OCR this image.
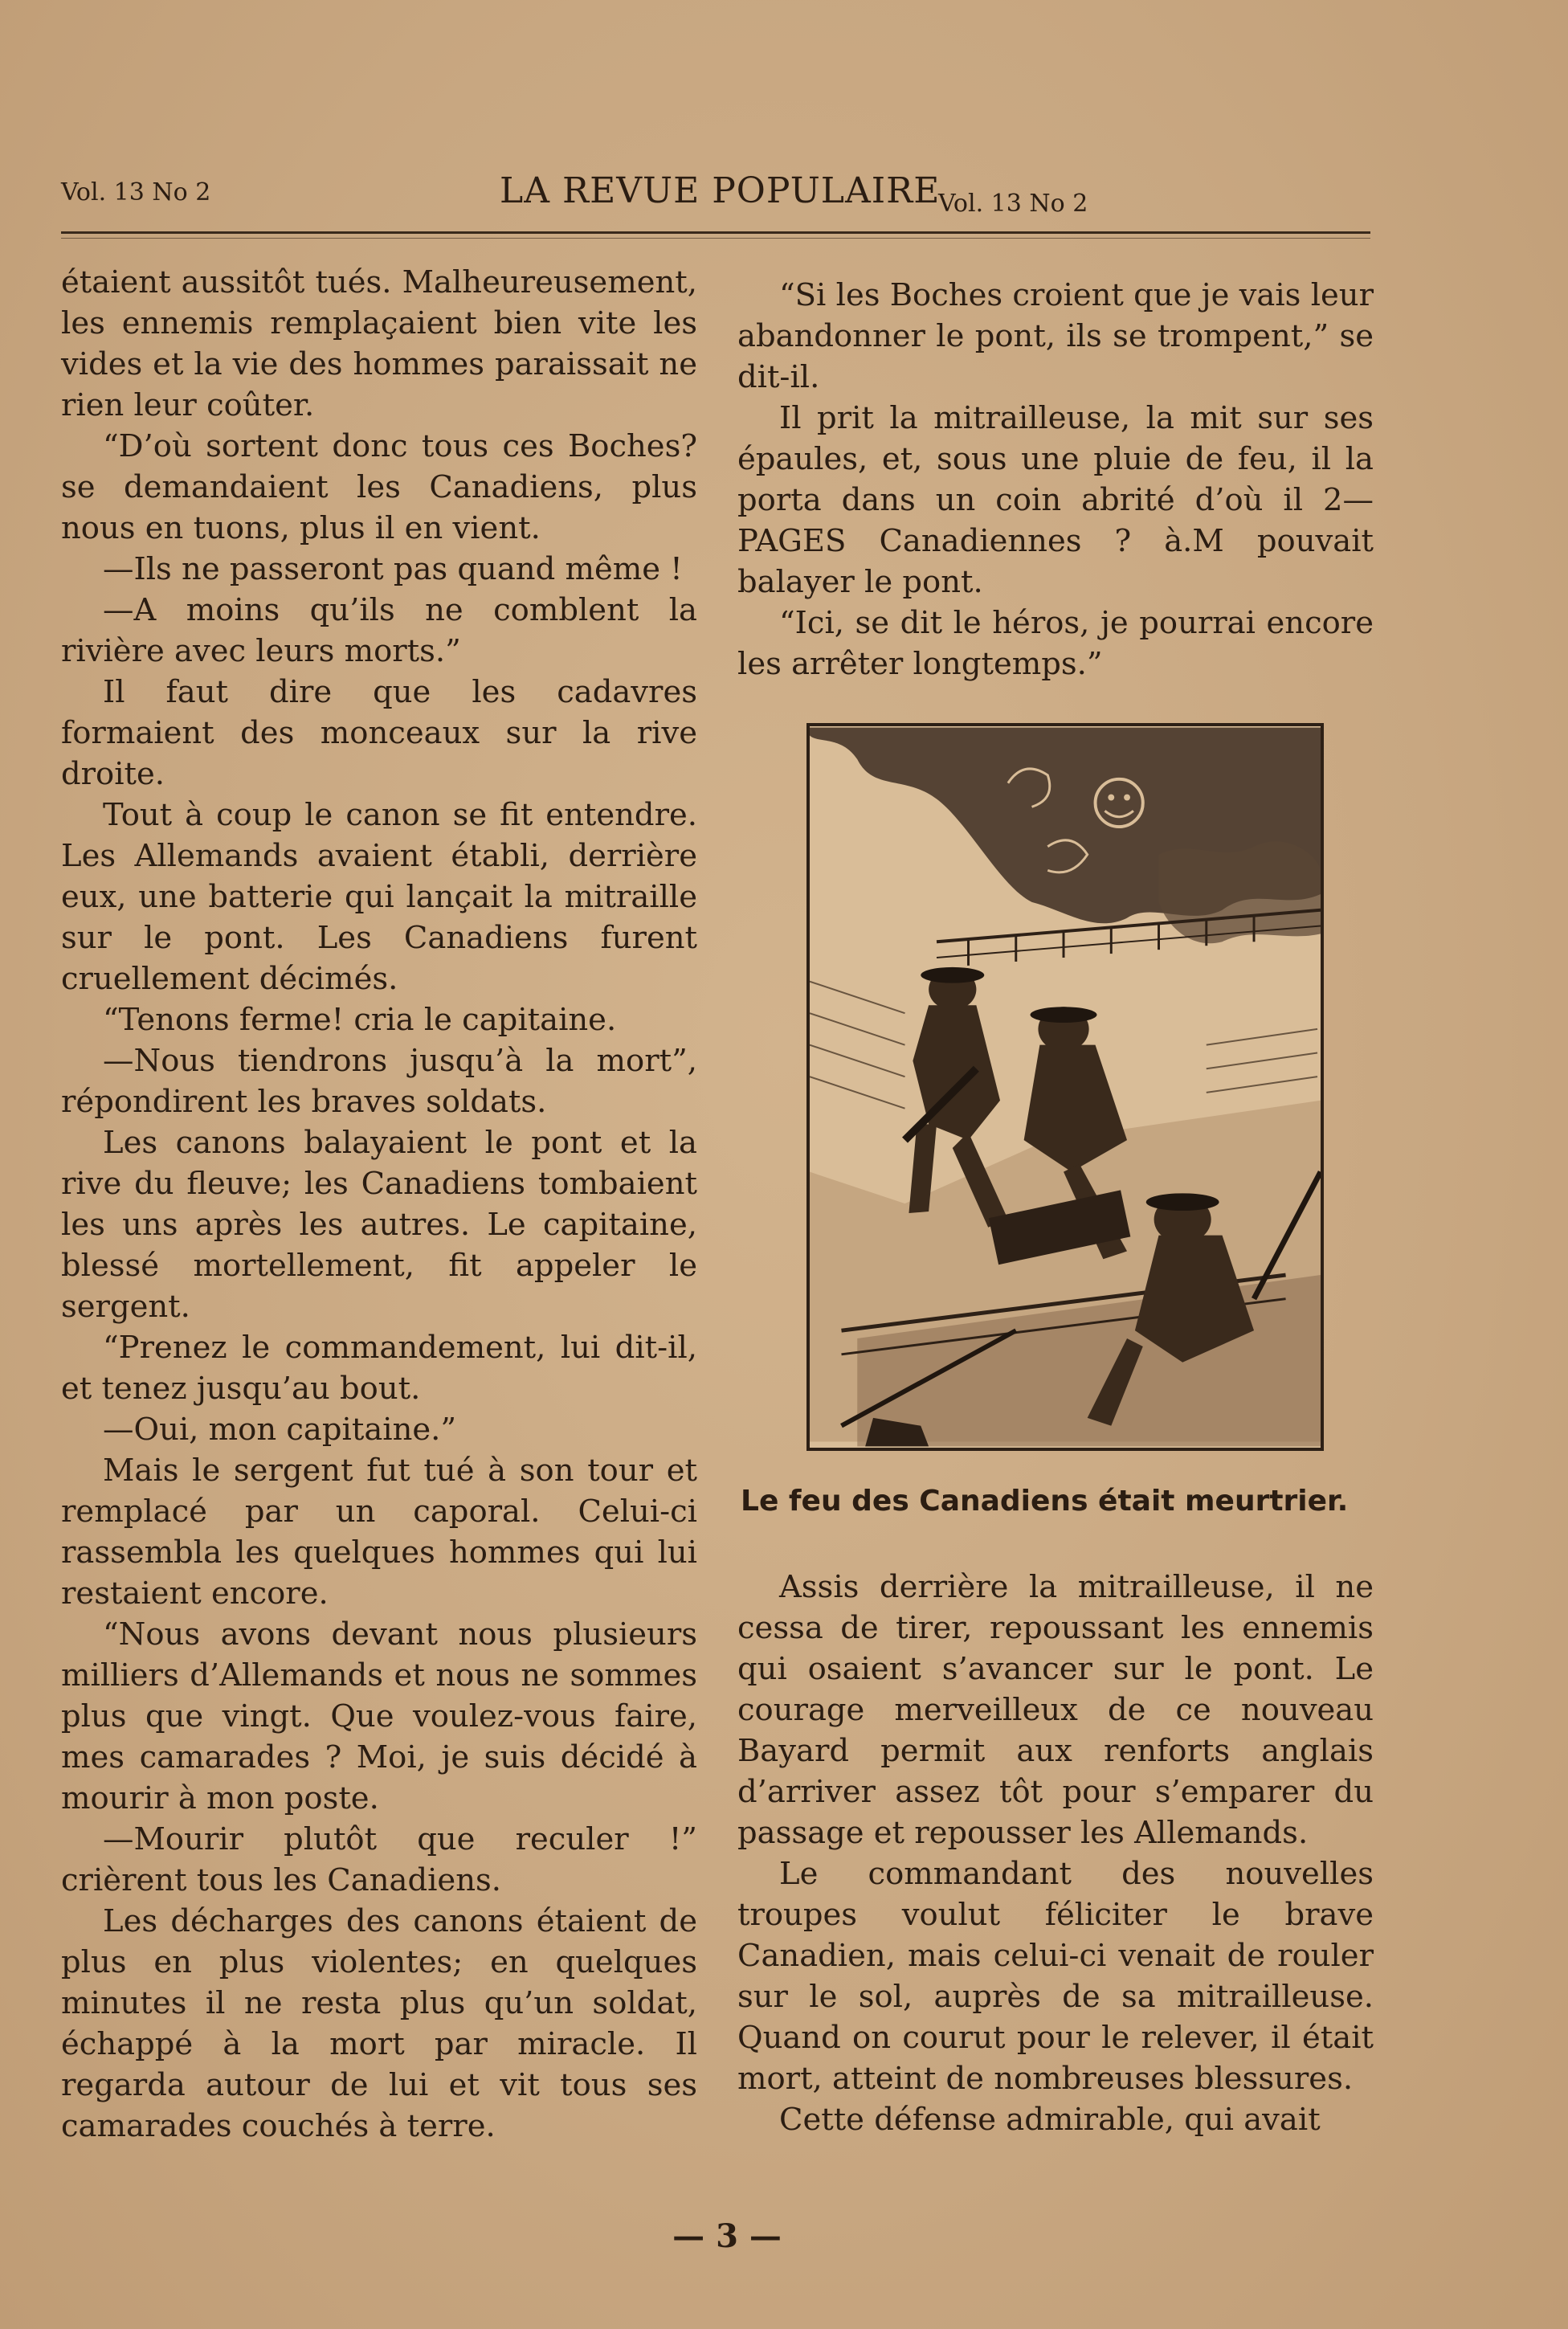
Vol. 13 No 2	LA REVUE POPULAIRE
Vol. 13 No 2

étaient aussitôt tués. Malheureusement, les ennemis remplaçaient bien vite les vides et la vie des hommes paraissait ne rien leur coûter.

“D’où sortent donc tous ces Boches? se demandaient les Canadiens, plus nous en tuons, plus il en vient.

—Ils ne passeront pas quand même !

—A moins qu’ils ne comblent la rivière avec leurs morts.”

Il faut dire que les cadavres formaient des monceaux sur la rive droite.

Tout à coup le canon se fit entendre. Les Allemands avaient établi, derrière eux, une batterie qui lançait la mitraille sur le pont. Les Canadiens furent cruellement décimés.

“Tenons ferme! cria le capitaine.

—Nous tiendrons jusqu’à la mort”, répondirent les braves soldats.

Les canons balayaient le pont et la rive du fleuve; les Canadiens tombaient les uns après les autres. Le capitaine, blessé mortellement, fit appeler le sergent.

“Prenez le commandement, lui dit-il, et tenez jusqu’au bout.

—Oui, mon capitaine.”

Mais le sergent fut tué à son tour et remplacé par un caporal. Celui-ci rassembla les quelques hommes qui lui restaient encore.

“Nous avons devant nous plusieurs milliers d’Allemands et nous ne sommes plus que vingt. Que voulez-vous faire, mes camarades ? Moi, je suis décidé à mourir à mon poste.

—Mourir plutôt que reculer !” crièrent tous les Canadiens.

Les décharges des canons étaient de plus en plus violentes; en quelques minutes il ne resta plus qu’un soldat, échappé à la mort par miracle. Il regarda autour de lui et vit tous ses camarades couchés à terre.

“Si les Boches croient que je vais leur abandonner le pont, ils se trompent,” se dit-il.

Il prit la mitrailleuse, la mit sur ses épaules, et, sous une pluie de feu, il la porta dans un coin abrité d’où il 2—PAGES Canadiennes ? à.M pouvait balayer le pont.

“Ici, se dit le héros, je pourrai encore les arrêter longtemps.”

Le feu des Canadiens était meurtrier.

Assis derrière la mitrailleuse, il ne cessa de tirer, repoussant les ennemis qui osaient s’avancer sur le pont. Le courage merveilleux de ce nouveau Bayard permit aux renforts anglais d’arriver assez tôt pour s’emparer du passage et repousser les Allemands.

Le commandant des nouvelles troupes voulut féliciter le brave Canadien, mais celui-ci venait de rouler sur le sol, auprès de sa mitrailleuse. Quand on courut pour le relever, il était mort, atteint de nombreuses blessures.

Cette défense admirable, qui avait

— 3 —
